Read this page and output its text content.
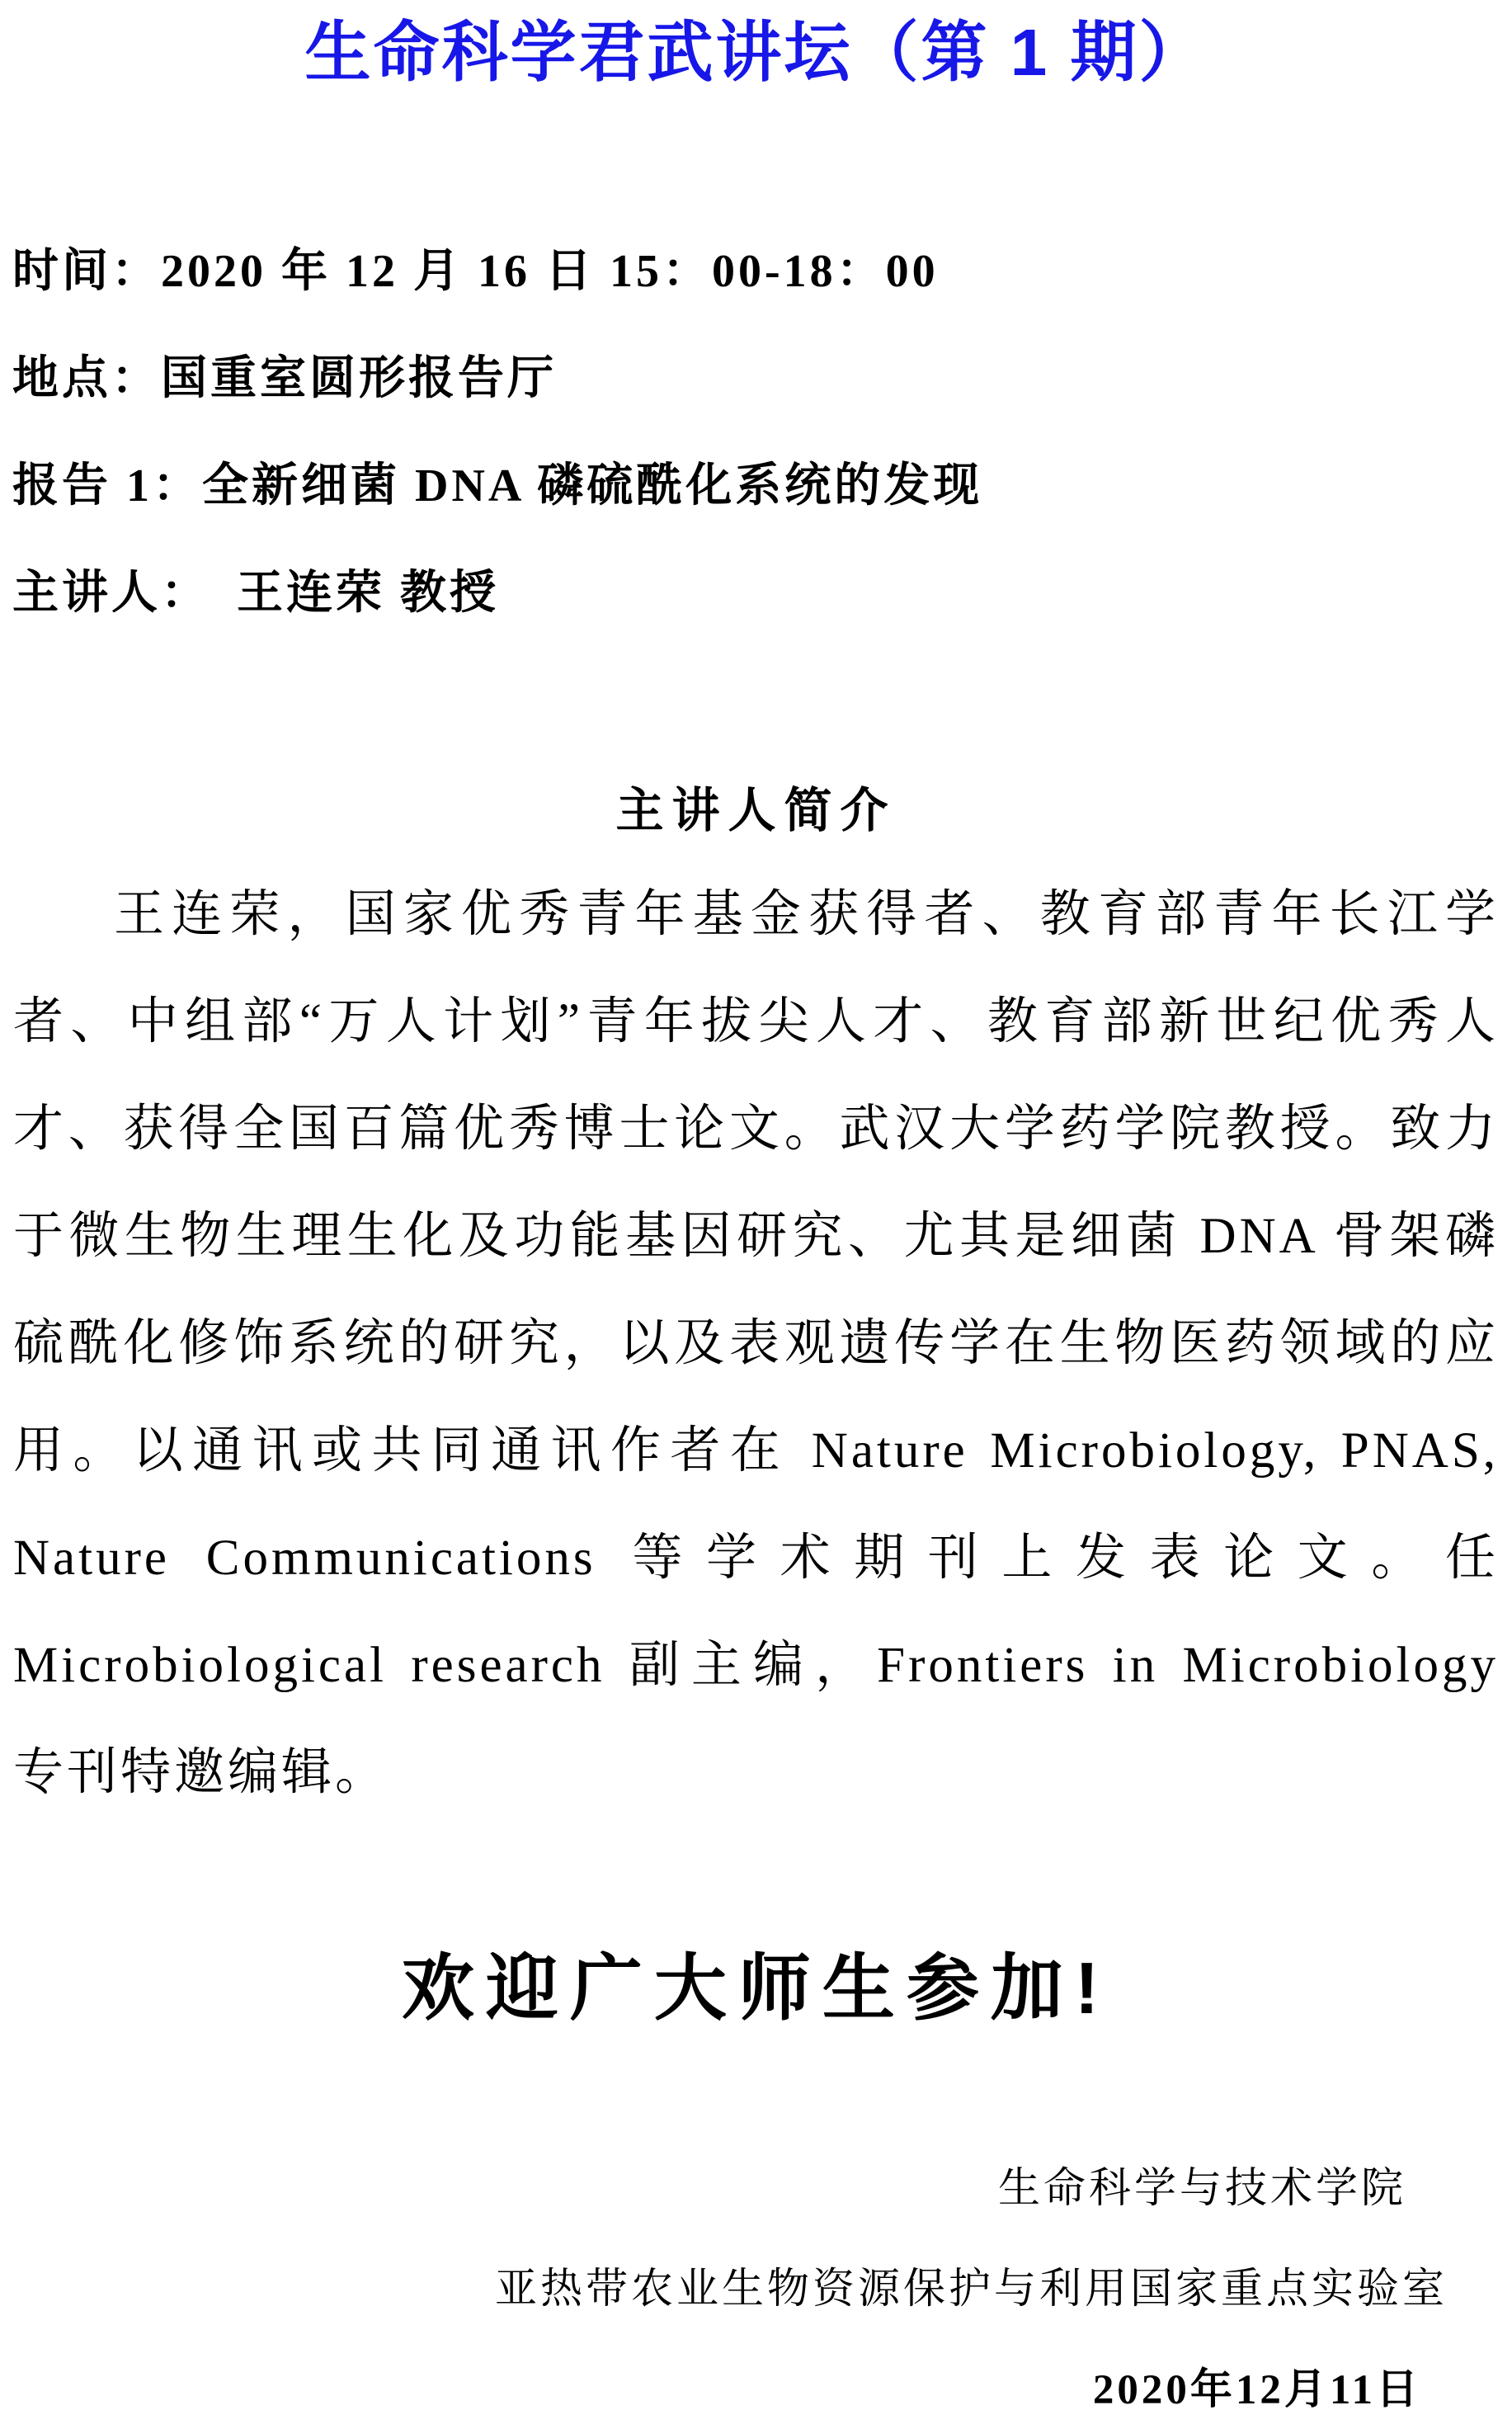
生命科学君武讲坛（第 1 期）
时间：2020 年 12 月 16 日 15：00-18：00
地点：国重室圆形报告厅
报告 1：全新细菌 DNA 磷硫酰化系统的发现
主讲人：　王连荣 教授
主讲人简介

王连荣，国家优秀青年基金获得者、教育部青年长江学者、中组部“万人计划”青年拔尖人才、教育部新世纪优秀人才、获得全国百篇优秀博士论文。武汉大学药学院教授。致力于微生物生理生化及功能基因研究、尤其是细菌 DNA 骨架磷硫酰化修饰系统的研究，以及表观遗传学在生物医药领域的应用。以通讯或共同通讯作者在 Nature Microbiology, PNAS, Nature Communications 等学术期刊上发表论文。任 Microbiological research 副主编，Frontiers in Microbiology 专刊特邀编辑。

欢迎广大师生参加!
生命科学与技术学院
亚热带农业生物资源保护与利用国家重点实验室
2020年12月11日
